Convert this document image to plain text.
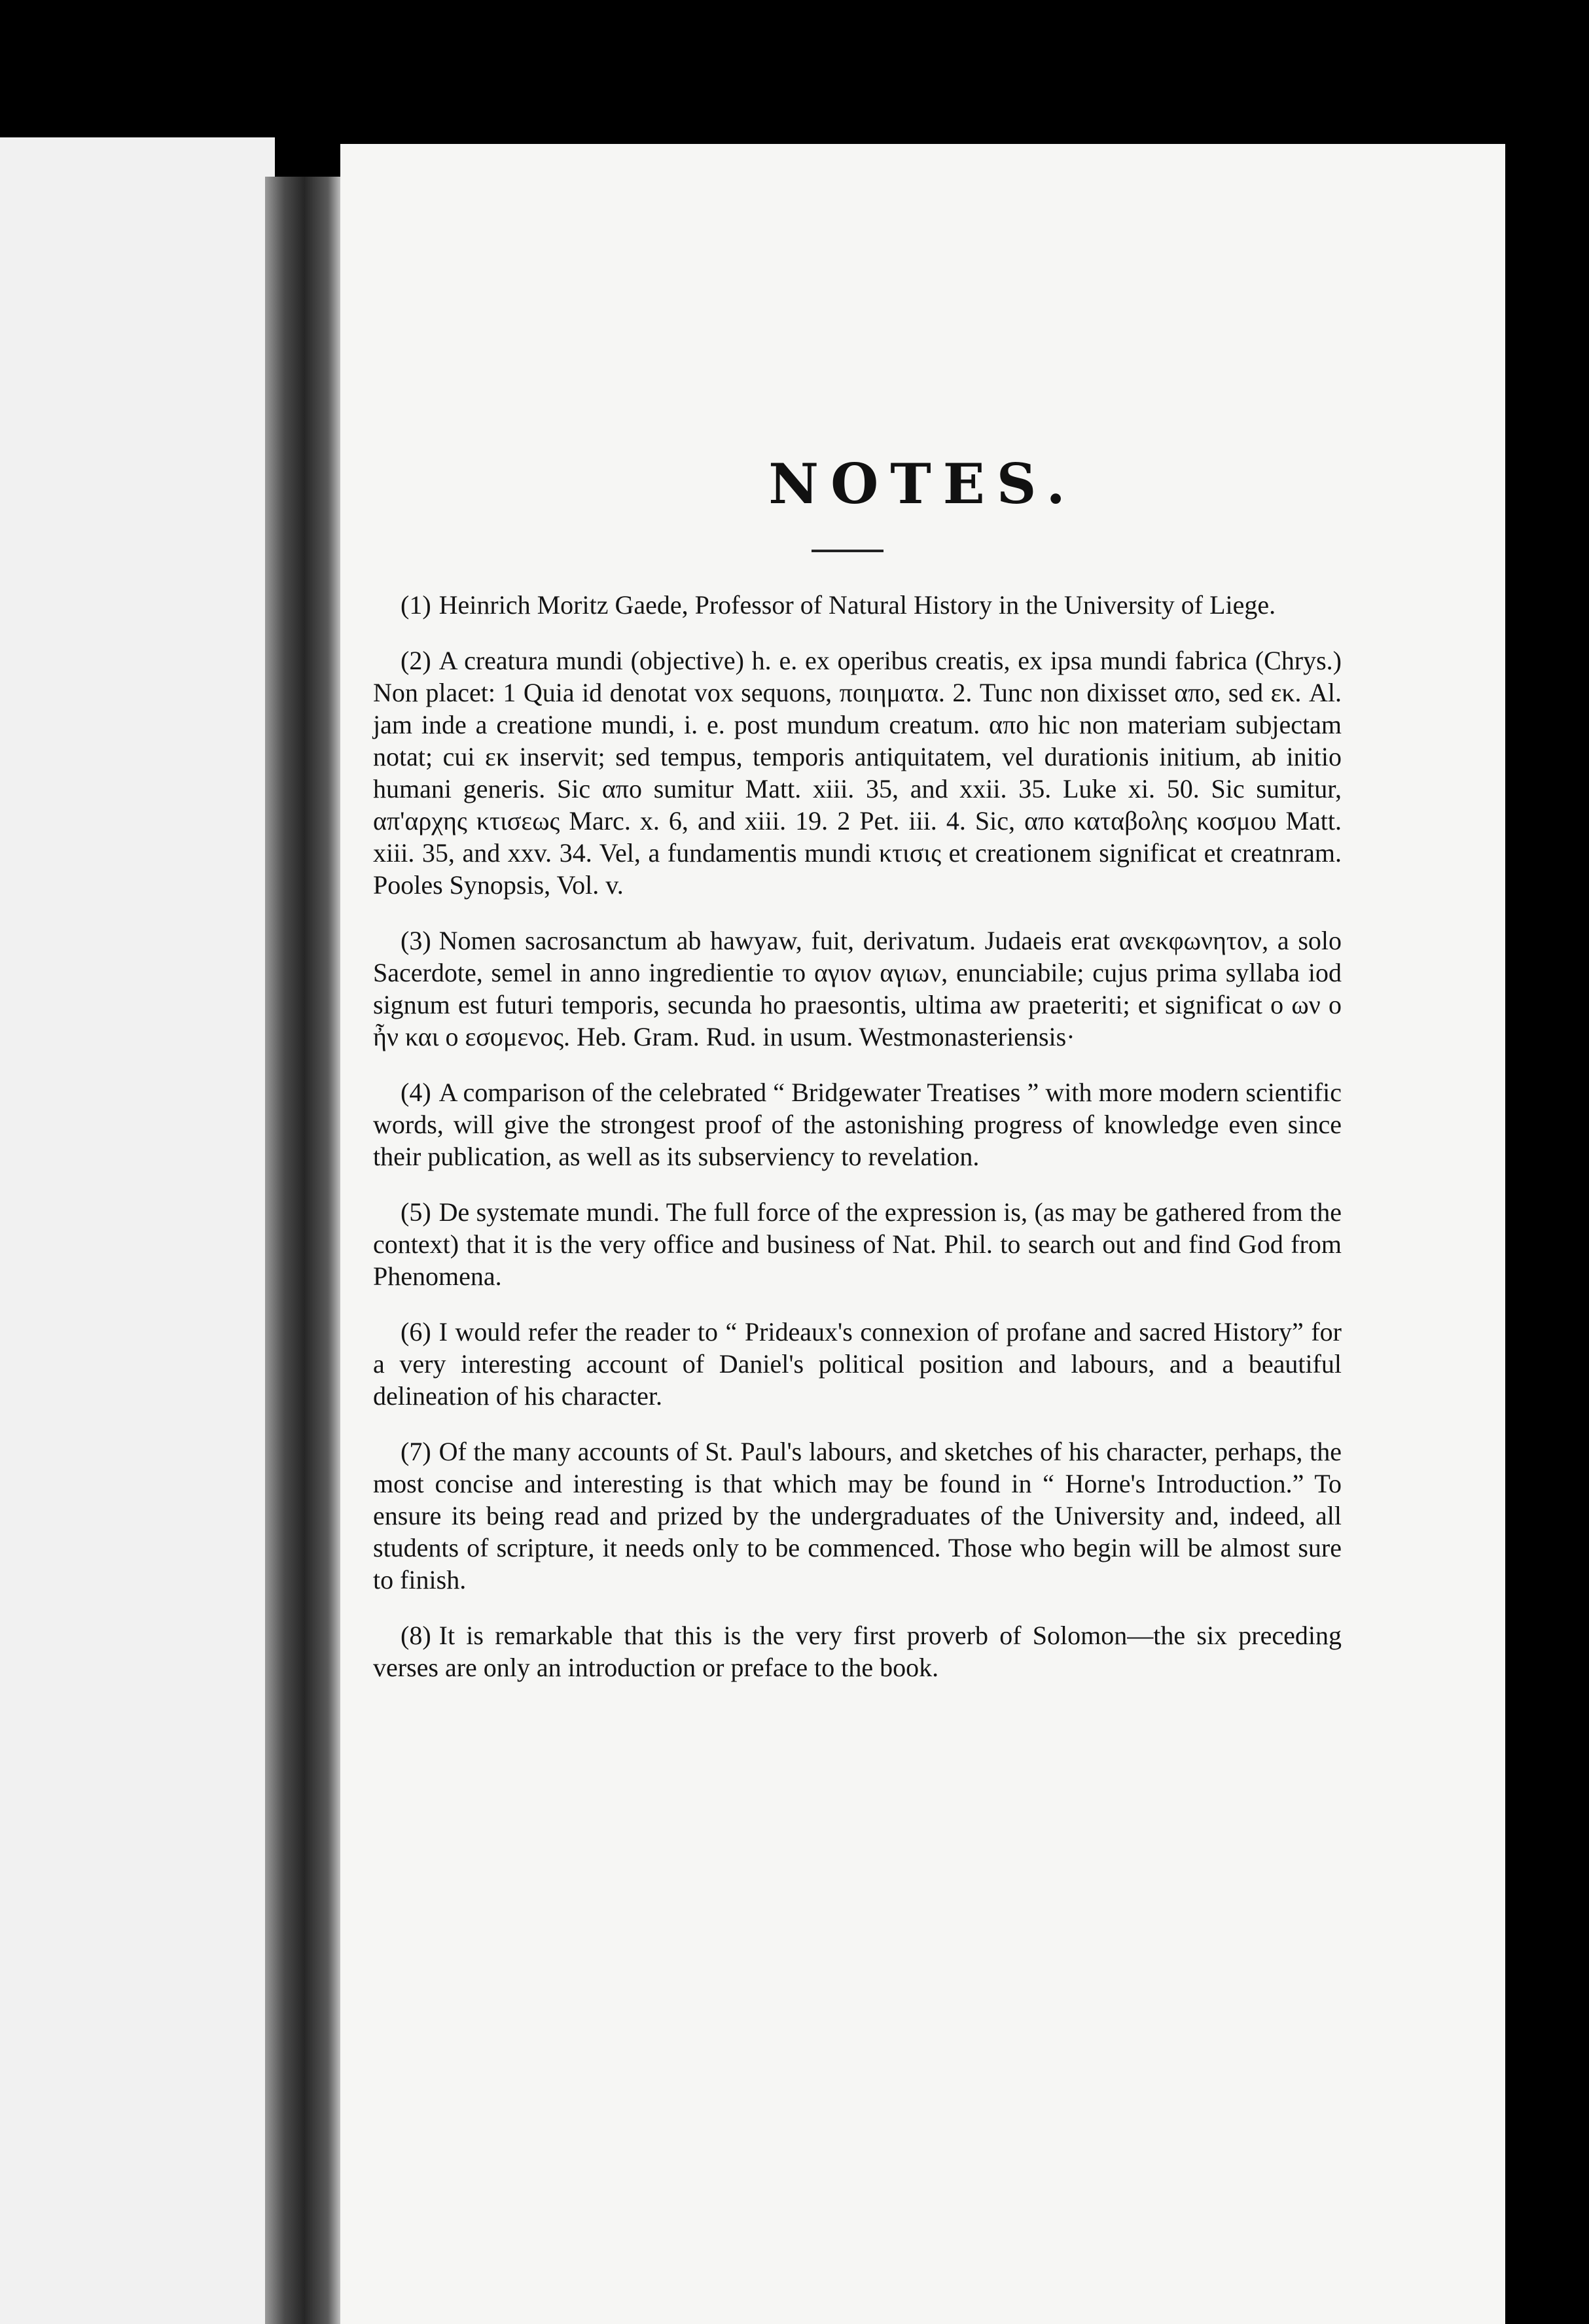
NOTES.

(1) Heinrich Moritz Gaede, Professor of Natural History in the University of Liege.

(2) A creatura mundi (objective) h. e. ex operibus creatis, ex ipsa mundi fabrica (Chrys.) Non placet: 1 Quia id denotat vox sequons, ποιηματα. 2. Tunc non dixisset απο, sed εκ. Al. jam inde a creatione mundi, i. e. post mundum creatum. απο hic non materiam subjectam notat; cui εκ inservit; sed tempus, temporis antiquitatem, vel durationis initium, ab initio humani generis. Sic απο sumitur Matt. xiii. 35, and xxii. 35. Luke xi. 50. Sic sumitur, απ'αρχης κτισεως Marc. x. 6, and xiii. 19. 2 Pet. iii. 4. Sic, απο καταβολης κοσμου Matt. xiii. 35, and xxv. 34. Vel, a fundamentis mundi κτισις et creationem significat et creatnram. Pooles Synopsis, Vol. v.

(3) Nomen sacrosanctum ab hawyaw, fuit, derivatum. Judaeis erat ανεκφωνητον, a solo Sacerdote, semel in anno ingredientie το αγιον αγιων, enunciabile; cujus prima syllaba iod signum est futuri temporis, secunda ho praesontis, ultima aw praeteriti; et significat ο ων ο ἦν και ο εσομενος. Heb. Gram. Rud. in usum. Westmonasteriensis·

(4) A comparison of the celebrated “ Bridgewater Treatises ” with more modern scientific words, will give the strongest proof of the astonishing progress of knowledge even since their publication, as well as its subserviency to revelation.

(5) De systemate mundi. The full force of the expression is, (as may be gathered from the context) that it is the very office and business of Nat. Phil. to search out and find God from Phenomena.

(6) I would refer the reader to “ Prideaux's connexion of profane and sacred History” for a very interesting account of Daniel's political position and labours, and a beautiful delineation of his character.

(7) Of the many accounts of St. Paul's labours, and sketches of his character, perhaps, the most concise and interesting is that which may be found in “ Horne's Introduction.” To ensure its being read and prized by the undergraduates of the University and, indeed, all students of scripture, it needs only to be commenced. Those who begin will be almost sure to finish.

(8) It is remarkable that this is the very first proverb of Solomon—the six preceding verses are only an introduction or preface to the book.
